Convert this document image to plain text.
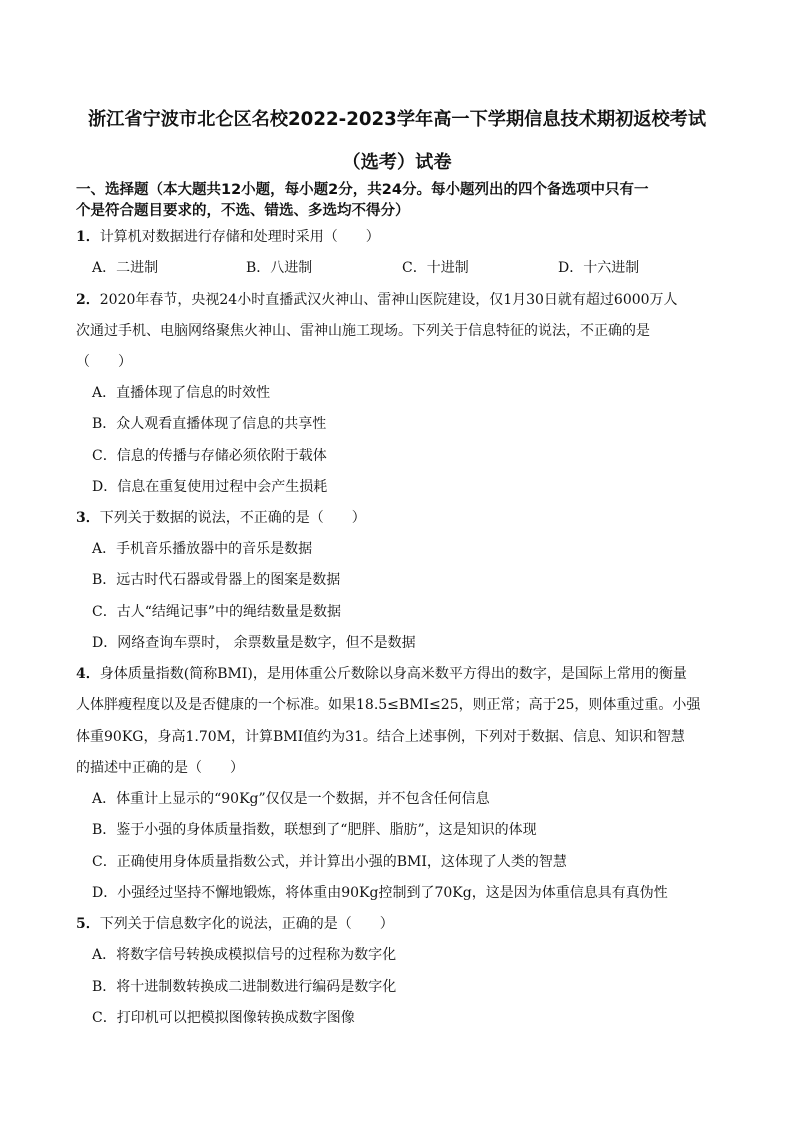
浙江省宁波市北仑区名校2022-2023学年高一下学期信息技术期初返校考试
（选考）试卷
一、选择题（本大题共12小题，每小题2分，共24分。每小题列出的四个备选项中只有一
个是符合题目要求的，不选、错选、多选均不得分）
1．计算机对数据进行存储和处理时采用（　　）
A．二进制	B．八进制	C．十进制	D．十六进制
2．2020年春节，央视24小时直播武汉火神山、雷神山医院建设，仅1月30日就有超过6000万人
次通过手机、电脑网络聚焦火神山、雷神山施工现场。下列关于信息特征的说法，不正确的是
（　　）
A．直播体现了信息的时效性
B．众人观看直播体现了信息的共享性
C．信息的传播与存储必须依附于载体
D．信息在重复使用过程中会产生损耗
3．下列关于数据的说法，不正确的是（　　）
A．手机音乐播放器中的音乐是数据
B．远古时代石器或骨器上的图案是数据
C．古人“结绳记事”中的绳结数量是数据
D．网络查询车票时， 余票数量是数字，但不是数据
4．身体质量指数(简称BMI)，是用体重公斤数除以身高米数平方得出的数字，是国际上常用的衡量
人体胖瘦程度以及是否健康的一个标准。如果18.5≤BMI≤25，则正常；高于25，则体重过重。小强
体重90KG，身高1.70M，计算BMI值约为31。结合上述事例，下列对于数据、信息、知识和智慧
的描述中正确的是（　　）
A．体重计上显示的“90Kg”仅仅是一个数据，并不包含任何信息
B．鉴于小强的身体质量指数，联想到了“肥胖、脂肪”，这是知识的体现
C．正确使用身体质量指数公式，并计算出小强的BMI，这体现了人类的智慧
D．小强经过坚持不懈地锻炼，将体重由90Kg控制到了70Kg，这是因为体重信息具有真伪性
5．下列关于信息数字化的说法，正确的是（　　）
A．将数字信号转换成模拟信号的过程称为数字化
B．将十进制数转换成二进制数进行编码是数字化
C．打印机可以把模拟图像转换成数字图像
